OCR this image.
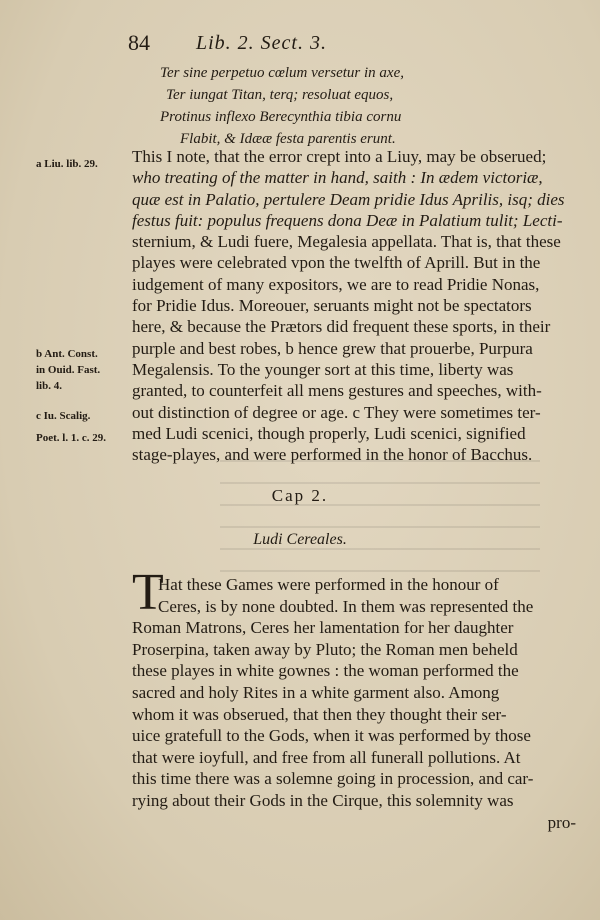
84 Lib. 2. Sect. 3.
Ter sine perpetuo cœlum versetur in axe,
Ter iungat Titan, terq; resoluat equos,
Protinus inflexo Berecynthia tibia cornu
Flabit, & Idææ festa parentis erunt.
a Liu. lib. 29.
b Ant. Const.
in Ouid. Fast.
lib. 4.
c Iu. Scalig.
Poet. l. 1. c. 29.
This I note, that the error crept into a Liuy, may be obserued;
who treating of the matter in hand, saith : In ædem victoriæ,
quæ est in Palatio, pertulere Deam pridie Idus Aprilis, isq; dies
festus fuit: populus frequens dona Deæ in Palatium tulit; Lecti-
sternium, & Ludi fuere, Megalesia appellata. That is, that these
playes were celebrated vpon the twelfth of Aprill. But in the
iudgement of many expositors, we are to read Pridie Nonas,
for Pridie Idus. Moreouer, seruants might not be spectators
here, & because the Prætors did frequent these sports, in their
purple and best robes, b hence grew that prouerbe, Purpura
Megalensis. To the younger sort at this time, liberty was
granted, to counterfeit all mens gestures and speeches, with-
out distinction of degree or age. c They were sometimes ter-
med Ludi scenici, though properly, Ludi scenici, signified
stage-playes, and were performed in the honor of Bacchus.
Cap 2.
Ludi Cereales.
T
Hat these Games were performed in the honour of
Ceres, is by none doubted. In them was represented the
Roman Matrons, Ceres her lamentation for her daughter
Proserpina, taken away by Pluto; the Roman men beheld
these playes in white gownes : the woman performed the
sacred and holy Rites in a white garment also. Among
whom it was obserued, that then they thought their ser-
uice gratefull to the Gods, when it was performed by those
that were ioyfull, and free from all funerall pollutions. At
this time there was a solemne going in procession, and car-
rying about their Gods in the Cirque, this solemnity was
pro-
